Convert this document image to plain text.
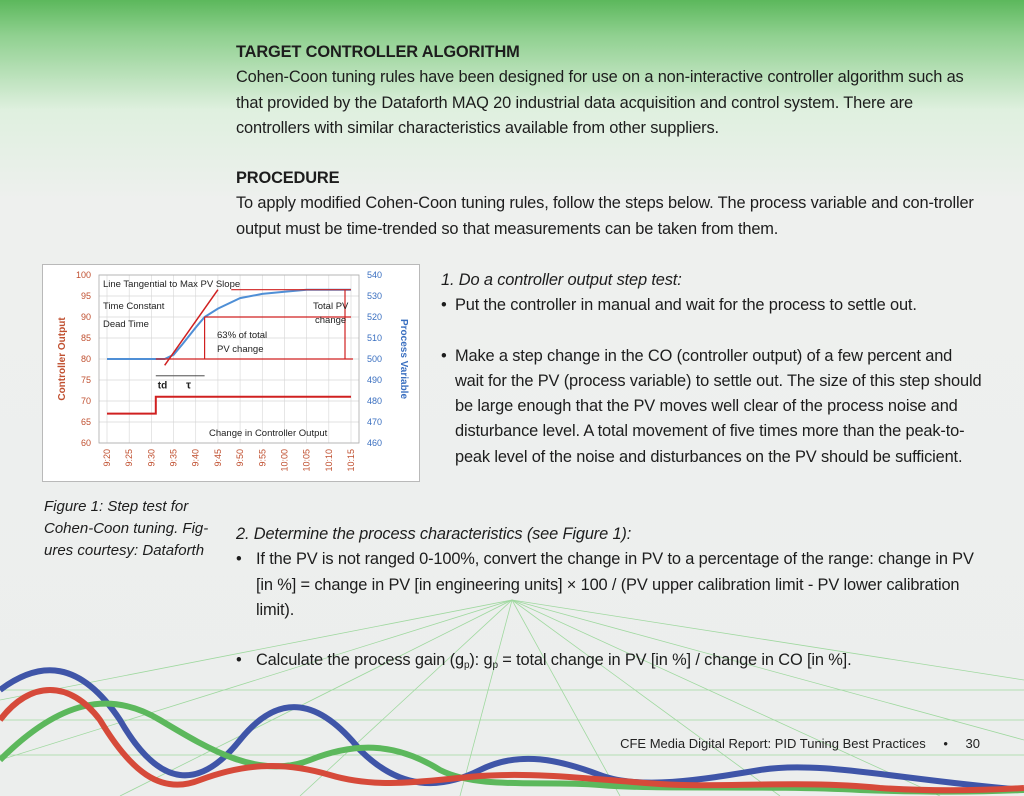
TARGET CONTROLLER ALGORITHM
Cohen-Coon tuning rules have been designed for use on a non-interactive controller algorithm such as that provided by the Dataforth MAQ 20 industrial data acquisition and control system. There are controllers with similar characteristics available from other suppliers.
PROCEDURE
To apply modified Cohen-Coon tuning rules, follow the steps below. The process variable and con-troller output must be time-trended so that measurements can be taken from them.
60
65
70
75
80
85
90
95
100
460
470
480
490
500
510
520
530
540
9:20 9:25 9:30 9:35 9:40 9:45 9:50 9:55 10:00 10:05 10:10 10:15
Controller Output	Process Variable
Line Tangential to Max PV Slope
Time Constant
Dead Time
63% of total
PV change
Total PV
change
Change in Controller Output
td τ
Figure 1: Step test for Cohen-Coon tuning. Fig-ures courtesy: Dataforth
1. Do a controller output step test:
• Put the controller in manual and wait for the process to settle out.
• Make a step change in the CO (controller output) of a few percent and wait for the PV (process variable) to settle out. The size of this step should be large enough that the PV moves well clear of the process noise and disturbance level. A total movement of five times more than the peak-to-peak level of the noise and disturbances on the PV should be sufficient.
2. Determine the process characteristics (see Figure 1):
• If the PV is not ranged 0-100%, convert the change in PV to a percentage of the range: change in PV [in %] = change in PV [in engineering units] × 100 / (PV upper calibration limit - PV lower calibration limit).
• Calculate the process gain $(g_p)$: $g_p$ = total change in PV [in %] / change in CO [in %].
CFE Media Digital Report: PID Tuning Best Practices • 30
